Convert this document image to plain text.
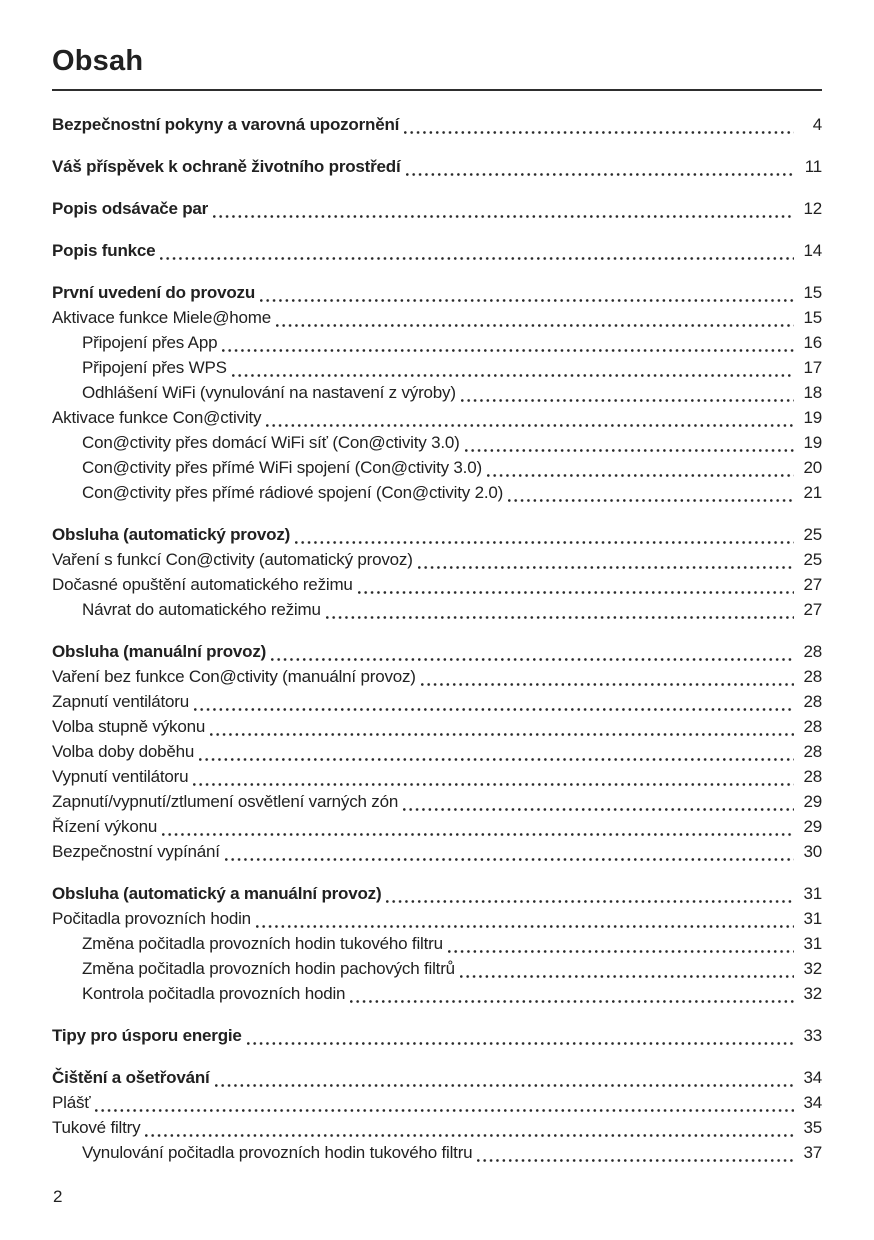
Obsah
Bezpečnostní pokyny a varovná upozornění	4
Váš příspěvek k ochraně životního prostředí	11
Popis odsávače par	12
Popis funkce	14
První uvedení do provozu	15
Aktivace funkce Miele@home	15
Připojení přes App	16
Připojení přes WPS	17
Odhlášení WiFi (vynulování na nastavení z výroby)	18
Aktivace funkce Con@ctivity	19
Con@ctivity přes domácí WiFi síť (Con@ctivity 3.0)	19
Con@ctivity přes přímé WiFi spojení (Con@ctivity 3.0)	20
Con@ctivity přes přímé rádiové spojení (Con@ctivity 2.0)	21
Obsluha (automatický provoz)	25
Vaření s funkcí Con@ctivity (automatický provoz)	25
Dočasné opuštění automatického režimu	27
Návrat do automatického režimu	27
Obsluha (manuální provoz)	28
Vaření bez funkce Con@ctivity (manuální provoz)	28
Zapnutí ventilátoru	28
Volba stupně výkonu	28
Volba doby doběhu	28
Vypnutí ventilátoru	28
Zapnutí/vypnutí/ztlumení osvětlení varných zón	29
Řízení výkonu	29
Bezpečnostní vypínání	30
Obsluha (automatický a manuální provoz)	31
Počitadla provozních hodin	31
Změna počitadla provozních hodin tukového filtru	31
Změna počitadla provozních hodin pachových filtrů	32
Kontrola počitadla provozních hodin	32
Tipy pro úsporu energie	33
Čištění a ošetřování	34
Plášť	34
Tukové filtry	35
Vynulování počitadla provozních hodin tukového filtru	37
2
